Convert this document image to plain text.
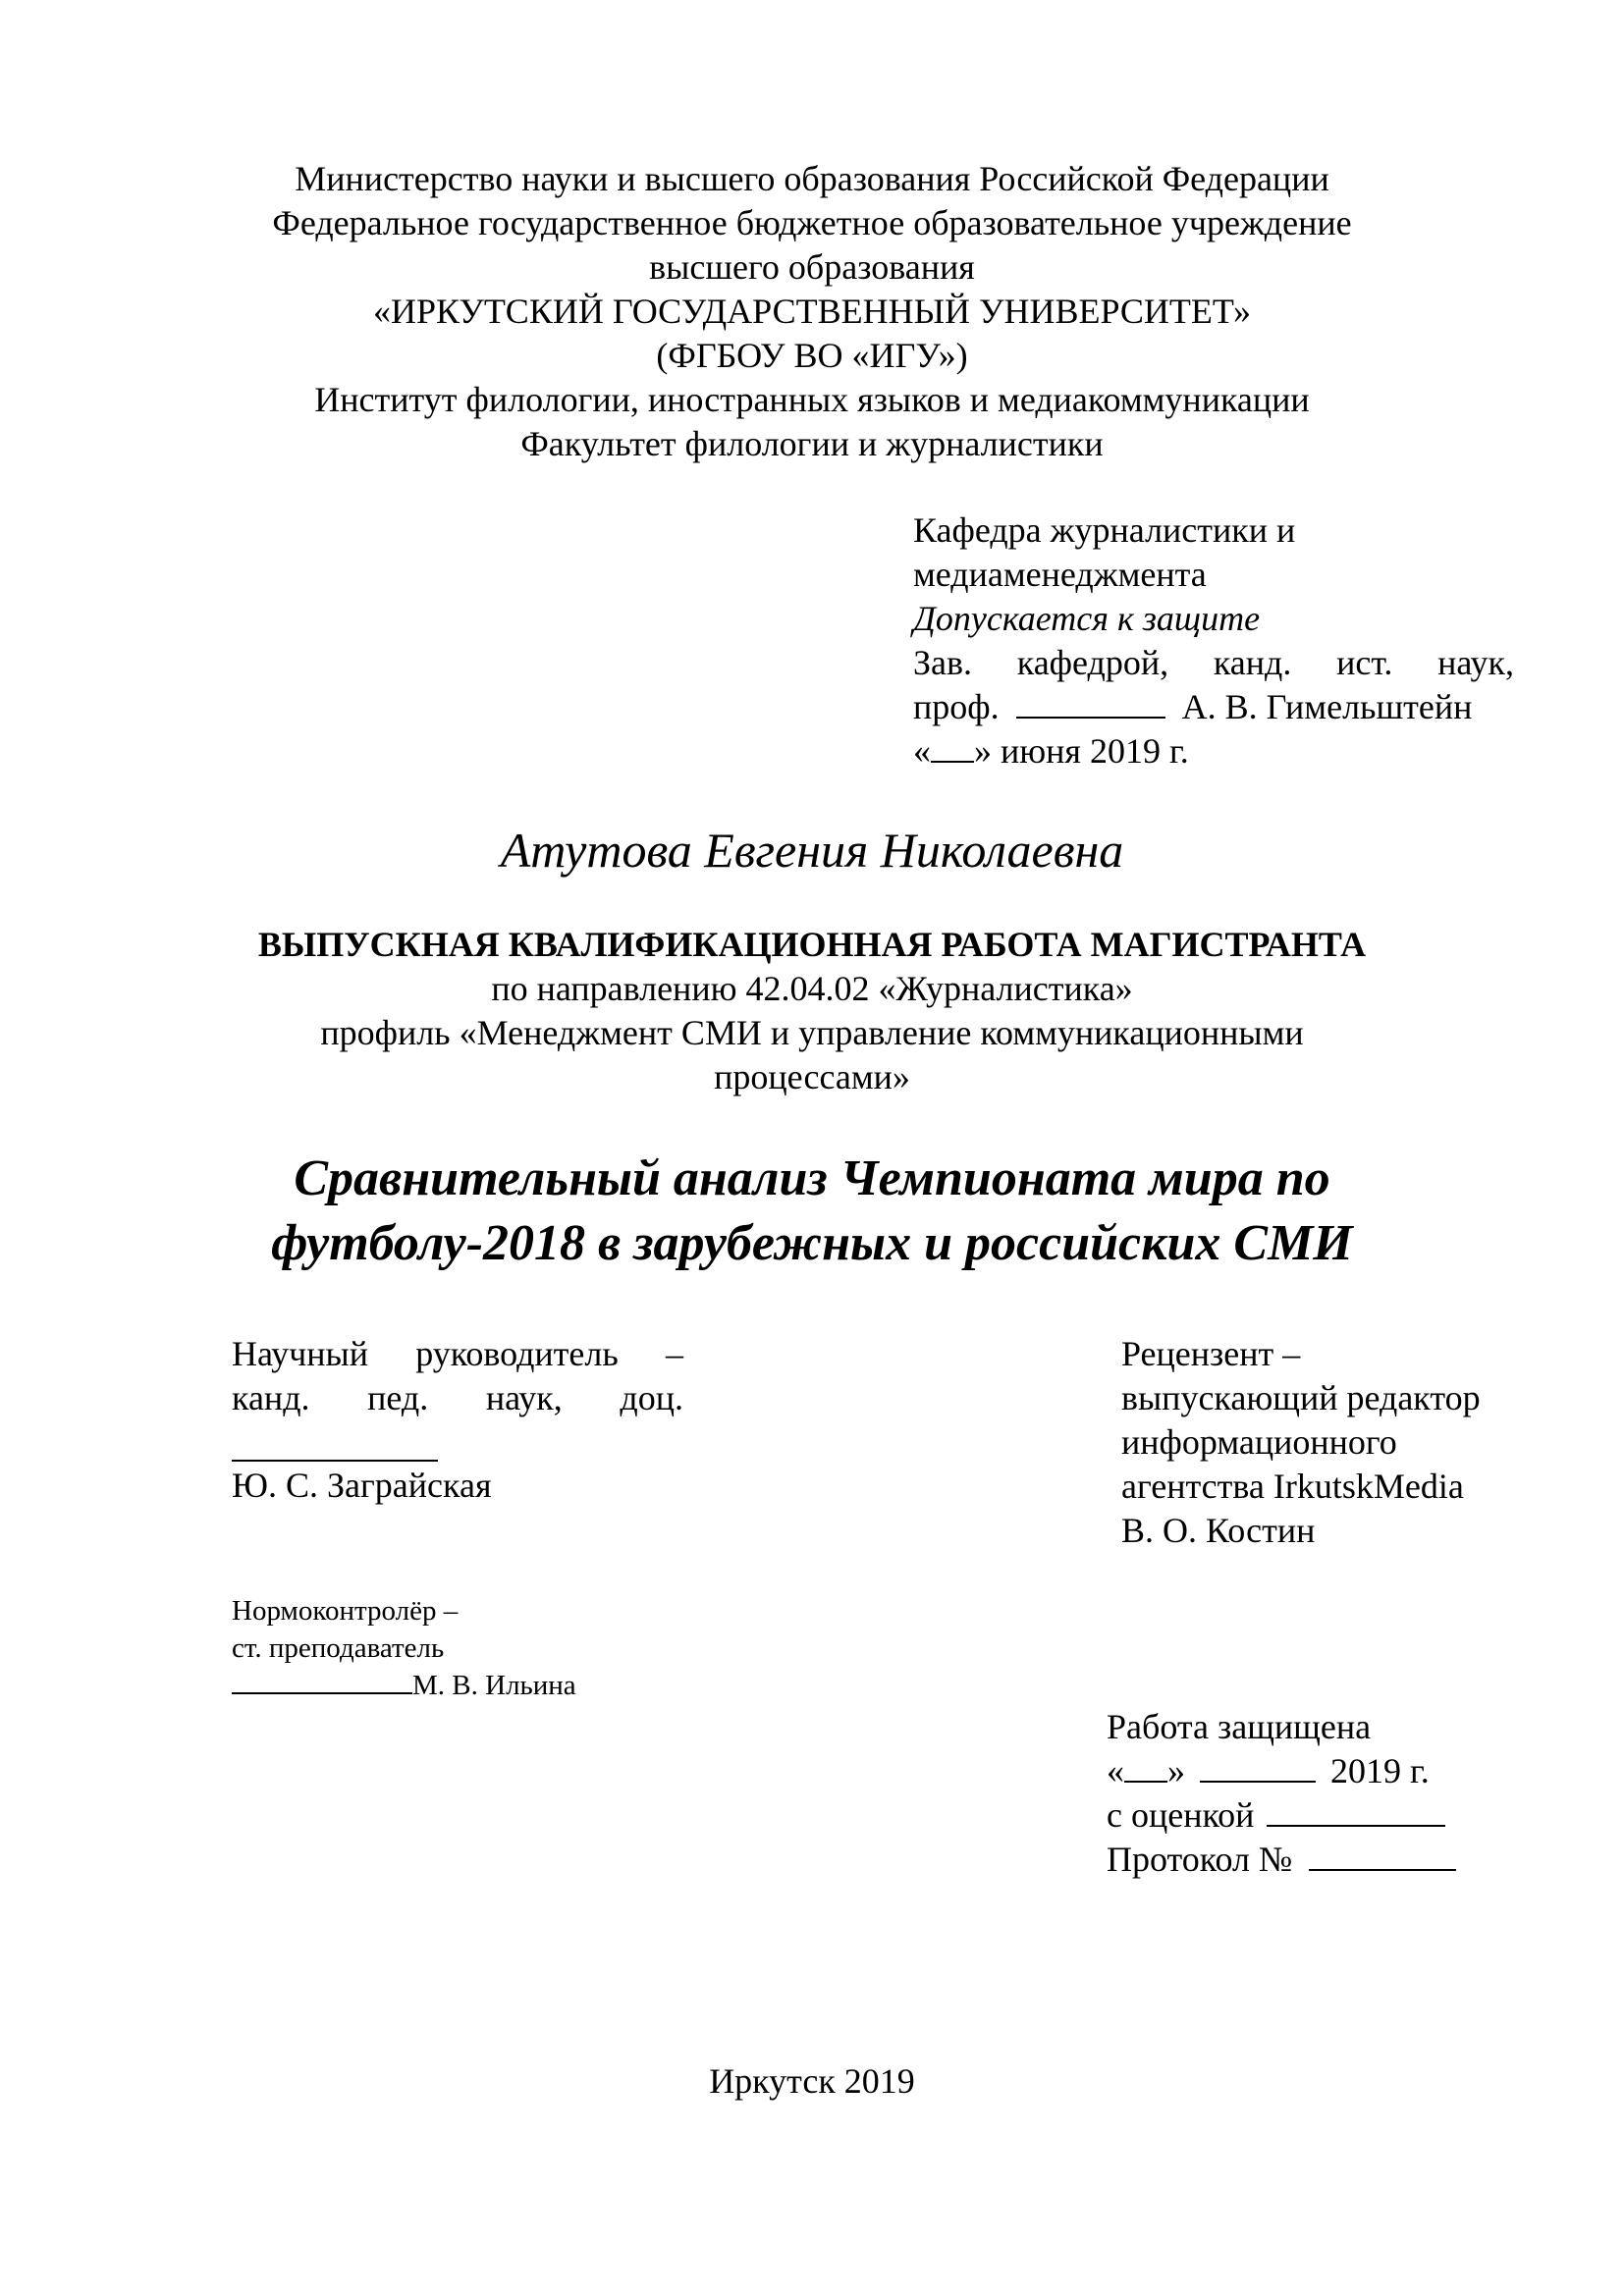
Министерство науки и высшего образования Российской Федерации
Федеральное государственное бюджетное образовательное учреждение
высшего образования
«ИРКУТСКИЙ ГОСУДАРСТВЕННЫЙ УНИВЕРСИТЕТ»
(ФГБОУ ВО «ИГУ»)
Институт филологии, иностранных языков и медиакоммуникации
Факультет филологии и журналистики
Кафедра журналистики и
медиаменеджмента
Допускается к защите
Зав. кафедрой, канд. ист. наук,
проф.	А. В. Гимельштейн
« » июня 2019 г.
Атутова Евгения Николаевна
ВЫПУСКНАЯ КВАЛИФИКАЦИОННАЯ РАБОТА МАГИСТРАНТА
по направлению 42.04.02 «Журналистика»
профиль «Менеджмент СМИ и управление коммуникационными
процессами»
Сравнительный анализ Чемпионата мира по
футболу-2018 в зарубежных и российских СМИ
Научный руководитель –
канд. пед. наук, доц.
Ю. С. Заграйская
Рецензент –
выпускающий редактор
информационного
агентства IrkutskMedia
В. О. Костин
Нормоконтролёр –
ст. преподаватель
М. В. Ильина
Работа защищена
« »	2019 г.
с оценкой
Протокол №
Иркутск 2019
